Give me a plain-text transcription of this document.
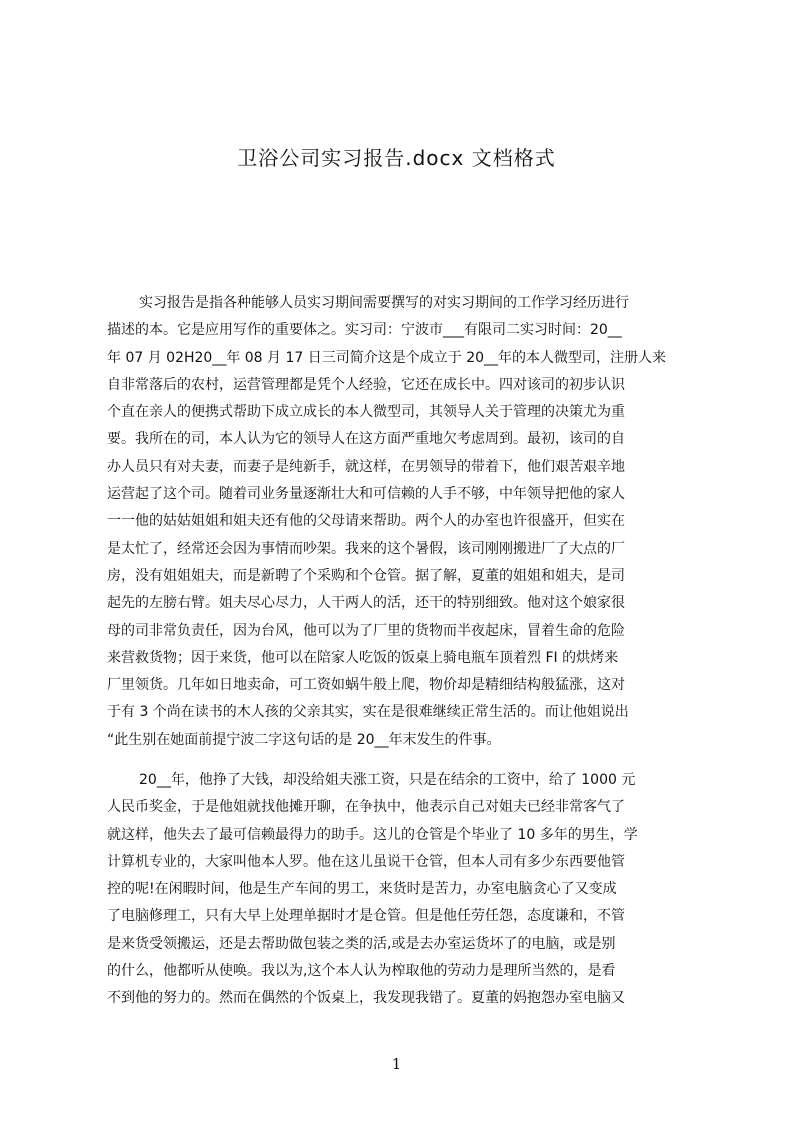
卫浴公司实习报告.docx 文档格式
实习报告是指各种能够人员实习期间需要撰写的对实习期间的工作学习经历进行
描述的本。它是应用写作的重要体之。实习司：宁波市___有限司二实习时间：20__
年 07 月 02H20__年 08 月 17 日三司简介这是个成立于 20__年的本人微型司，注册人来
自非常落后的农村，运营管理都是凭个人经验，它还在成长中。四对该司的初步认识
个直在亲人的便携式帮助下成立成长的本人微型司，其领导人关于管理的决策尤为重
要。我所在的司，本人认为它的领导人在这方面严重地欠考虑周到。最初，该司的自
办人员只有对夫妻，而妻子是纯新手，就这样，在男领导的带着下，他们艰苦艰辛地
运营起了这个司。随着司业务量逐渐壮大和可信赖的人手不够，中年领导把他的家人
一一他的姑姑姐姐和姐夫还有他的父母请来帮助。两个人的办室也许很盛开，但实在
是太忙了，经常还会因为事情而吵架。我来的这个暑假，该司刚刚搬进厂了大点的厂
房，没有姐姐姐夫，而是新聘了个采购和个仓管。据了解，夏董的姐姐和姐夫，是司
起先的左膀右臂。姐夫尽心尽力，人干两人的活，还干的特别细致。他对这个娘家很
母的司非常负责任，因为台风，他可以为了厂里的货物而半夜起床，冒着生命的危险
来营救货物；因于来货，他可以在陪家人吃饭的饭桌上骑电瓶车顶着烈 FI 的烘烤来
厂里领货。几年如日地卖命，可工资如蜗牛般上爬，物价却是精细结构般猛涨，这对
于有 3 个尚在读书的木人孩的父亲其实，实在是很难继续正常生活的。而让他姐说出
“此生别在她面前提宁波二字这句话的是 20__年末发生的件事。
20__年，他挣了大钱，却没给姐夫涨工资，只是在结余的工资中，给了 1000 元
人民币奖金，于是他姐就找他摊开聊，在争执中，他表示自己对姐夫已经非常客气了
就这样，他失去了最可信赖最得力的助手。这儿的仓管是个毕业了 10 多年的男生，学
计算机专业的，大家叫他本人罗。他在这儿虽说干仓管，但本人司有多少东西要他管
控的呢!在闲暇时间，他是生产车间的男工，来货时是苦力，办室电脑贪心了又变成
了电脑修理工，只有大早上处理单据时才是仓管。但是他任劳任怨，态度谦和，不管
是来货受领搬运，还是去帮助做包装之类的活,或是去办室运货坏了的电脑，或是别
的什么，他都听从使唤。我以为,这个本人认为榨取他的劳动力是理所当然的，是看
不到他的努力的。然而在偶然的个饭桌上，我发现我错了。夏董的妈抱怨办室电脑又
1
